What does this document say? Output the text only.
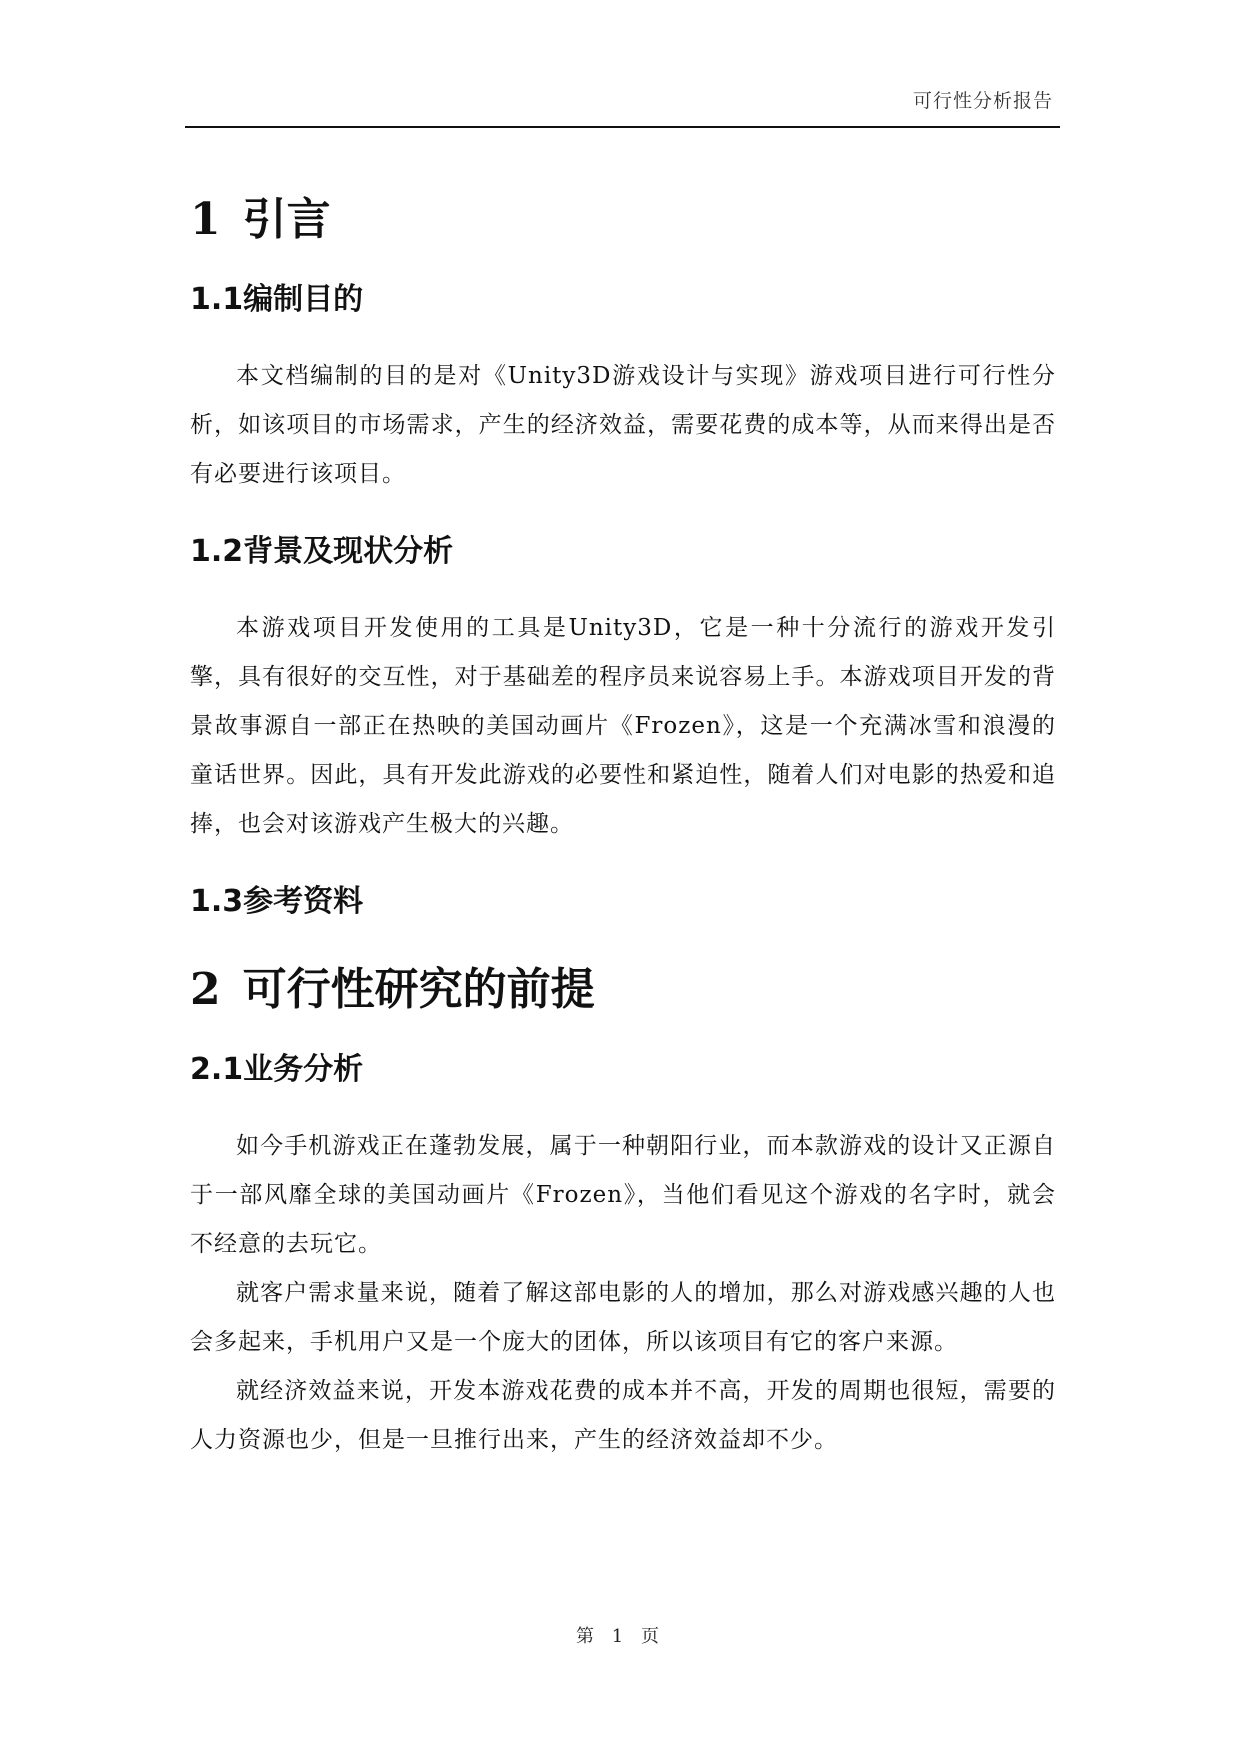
可行性分析报告
1 引言
1.1编制目的

本文档编制的目的是对《Unity3D游戏设计与实现》游戏项目进行可行性分析，如该项目的市场需求，产生的经济效益，需要花费的成本等，从而来得出是否有必要进行该项目。

1.2背景及现状分析

本游戏项目开发使用的工具是Unity3D，它是一种十分流行的游戏开发引擎，具有很好的交互性，对于基础差的程序员来说容易上手。本游戏项目开发的背景故事源自一部正在热映的美国动画片《Frozen》，这是一个充满冰雪和浪漫的童话世界。因此，具有开发此游戏的必要性和紧迫性，随着人们对电影的热爱和追捧，也会对该游戏产生极大的兴趣。

1.3参考资料
2 可行性研究的前提
2.1业务分析

如今手机游戏正在蓬勃发展，属于一种朝阳行业，而本款游戏的设计又正源自于一部风靡全球的美国动画片《Frozen》，当他们看见这个游戏的名字时，就会不经意的去玩它。

就客户需求量来说，随着了解这部电影的人的增加，那么对游戏感兴趣的人也会多起来，手机用户又是一个庞大的团体，所以该项目有它的客户来源。

就经济效益来说，开发本游戏花费的成本并不高，开发的周期也很短，需要的人力资源也少，但是一旦推行出来，产生的经济效益却不少。

第 1 页
